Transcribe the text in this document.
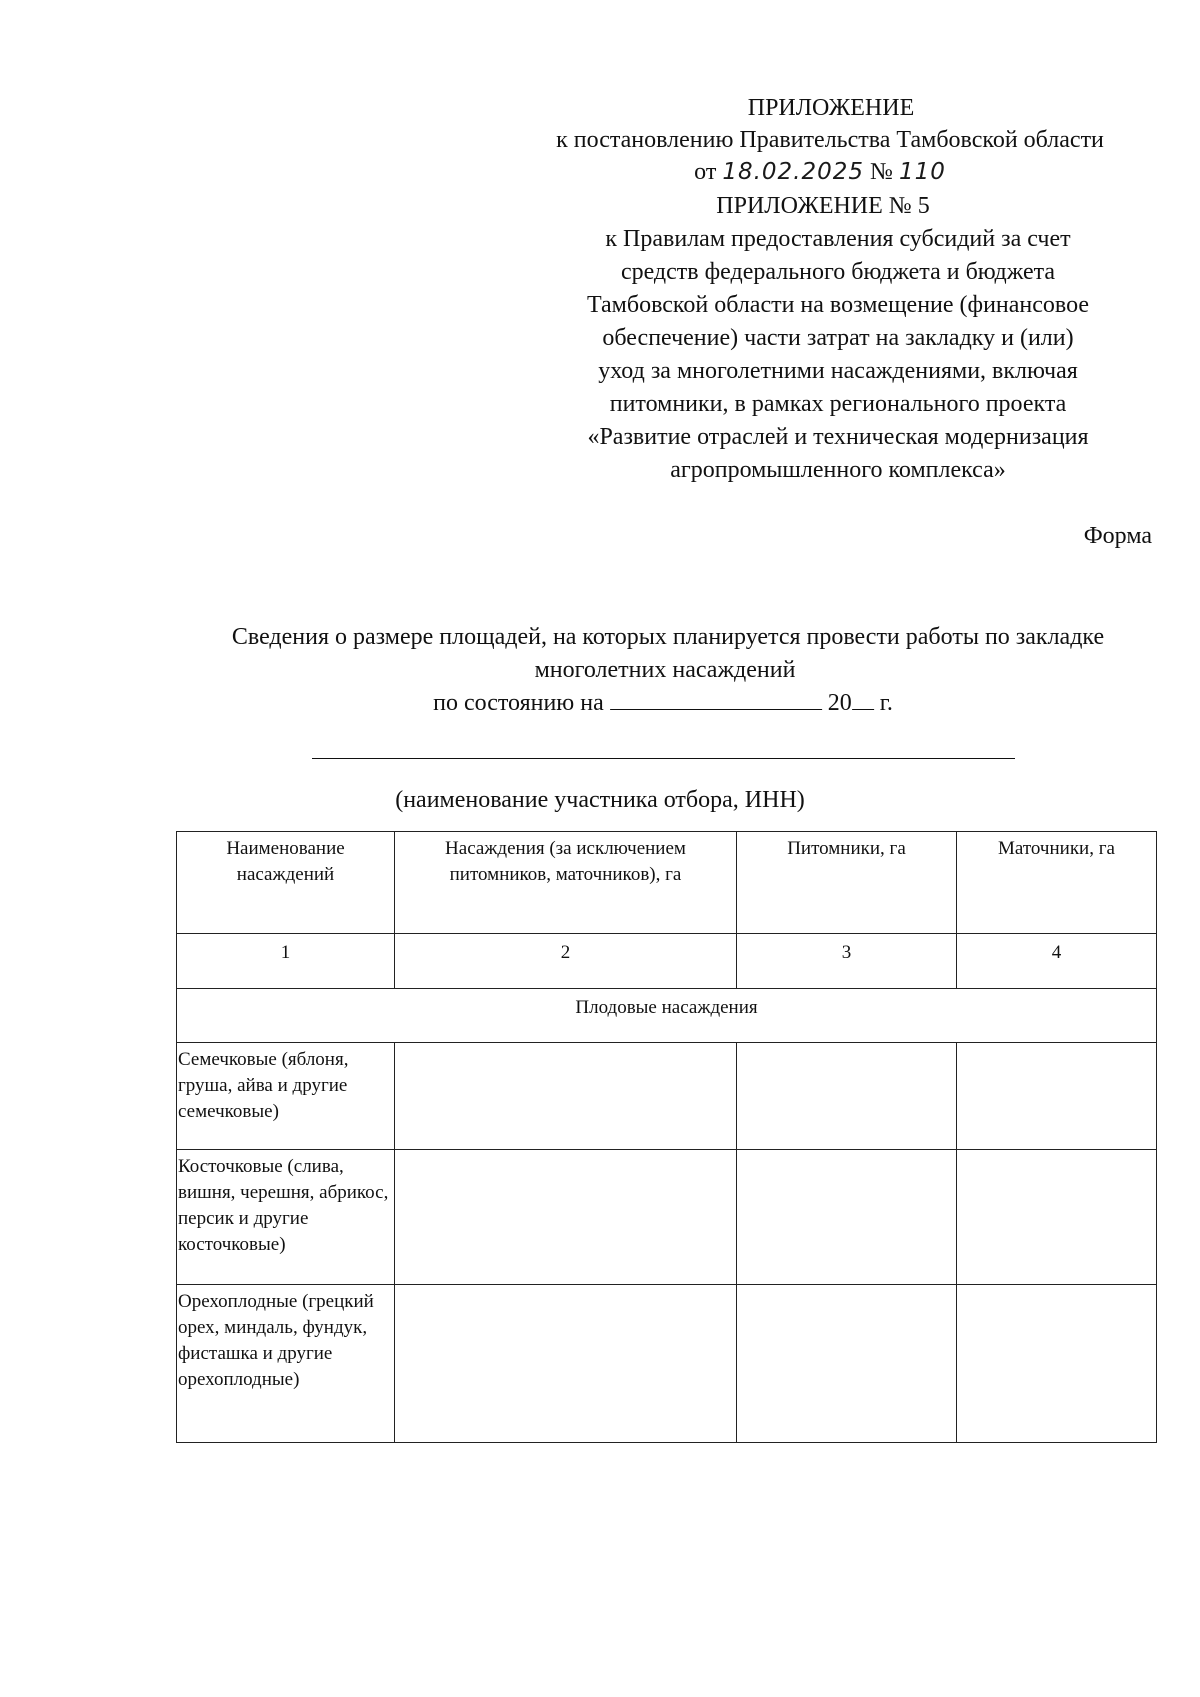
ПРИЛОЖЕНИЕ
к постановлению Правительства Тамбовской области
от 18.02.2025 № 110
ПРИЛОЖЕНИЕ № 5
к Правилам предоставления субсидий за счет
средств федерального бюджета и бюджета
Тамбовской области на возмещение (финансовое
обеспечение) части затрат на закладку и (или)
уход за многолетними насаждениями, включая
питомники, в рамках регионального проекта
«Развитие отраслей и техническая модернизация
агропромышленного комплекса»
Форма
Сведения о размере площадей, на которых планируется провести работы по закладке
многолетних насаждений
по состоянию на	20 г.
(наименование участника отбора, ИНН)
Наименование насаждений	Насаждения (за исключением питомников, маточников), га	Питомники, га	Маточники, га
1	2	3	4
Плодовые насаждения			
Семечковые (яблоня, груша, айва и другие семечковые)			
Косточковые (слива, вишня, черешня, абрикос, персик и другие косточковые)			
Орехоплодные (грецкий орех, миндаль, фундук, фисташка и другие орехоплодные)			
